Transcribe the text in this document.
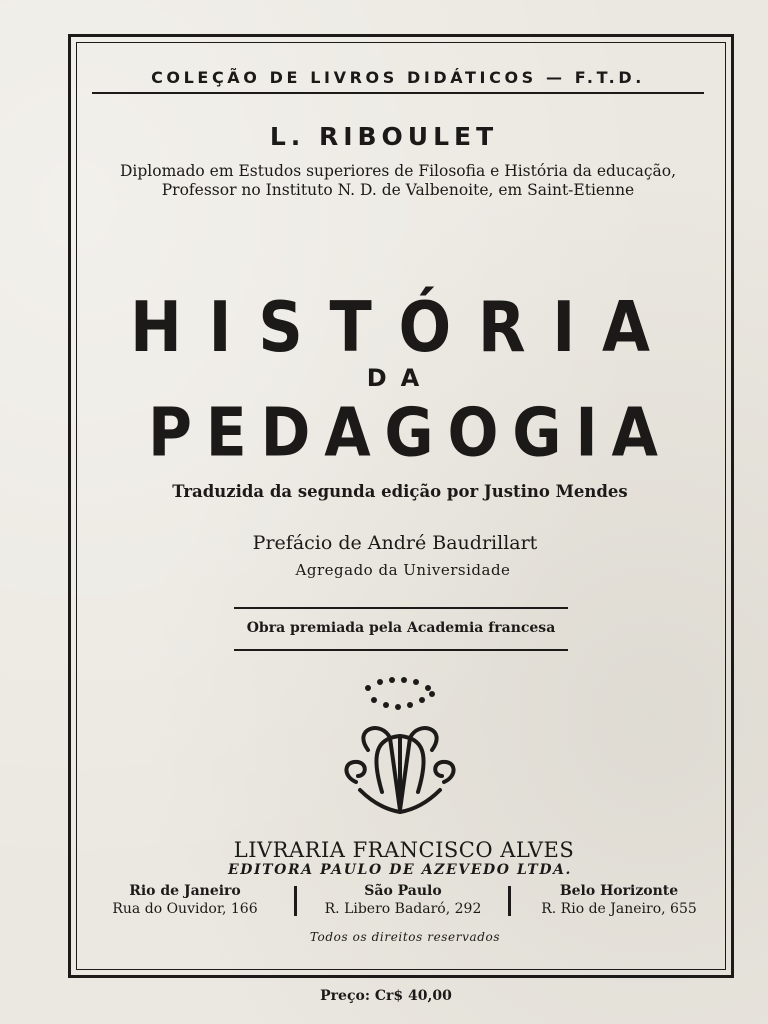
COLEÇÃO DE LIVROS DIDÁTICOS — F.T.D.
L. RIBOULET
Diplomado em Estudos superiores de Filosofia e História da educação,
Professor no Instituto N. D. de Valbenoite, em Saint-Etienne
H I S T Ó R I A
DA
P E D A G O G I A
Traduzida da segunda edição por Justino Mendes
Prefácio de André Baudrillart
Agregado da Universidade
Obra premiada pela Academia francesa
LIVRARIA FRANCISCO ALVES
EDITORA PAULO DE AZEVEDO LTDA.
Rio de Janeiro
Rua do Ouvidor, 166
São Paulo
R. Libero Badaró, 292
Belo Horizonte
R. Rio de Janeiro, 655
Todos os direitos reservados
Preço: Cr$ 40,00
